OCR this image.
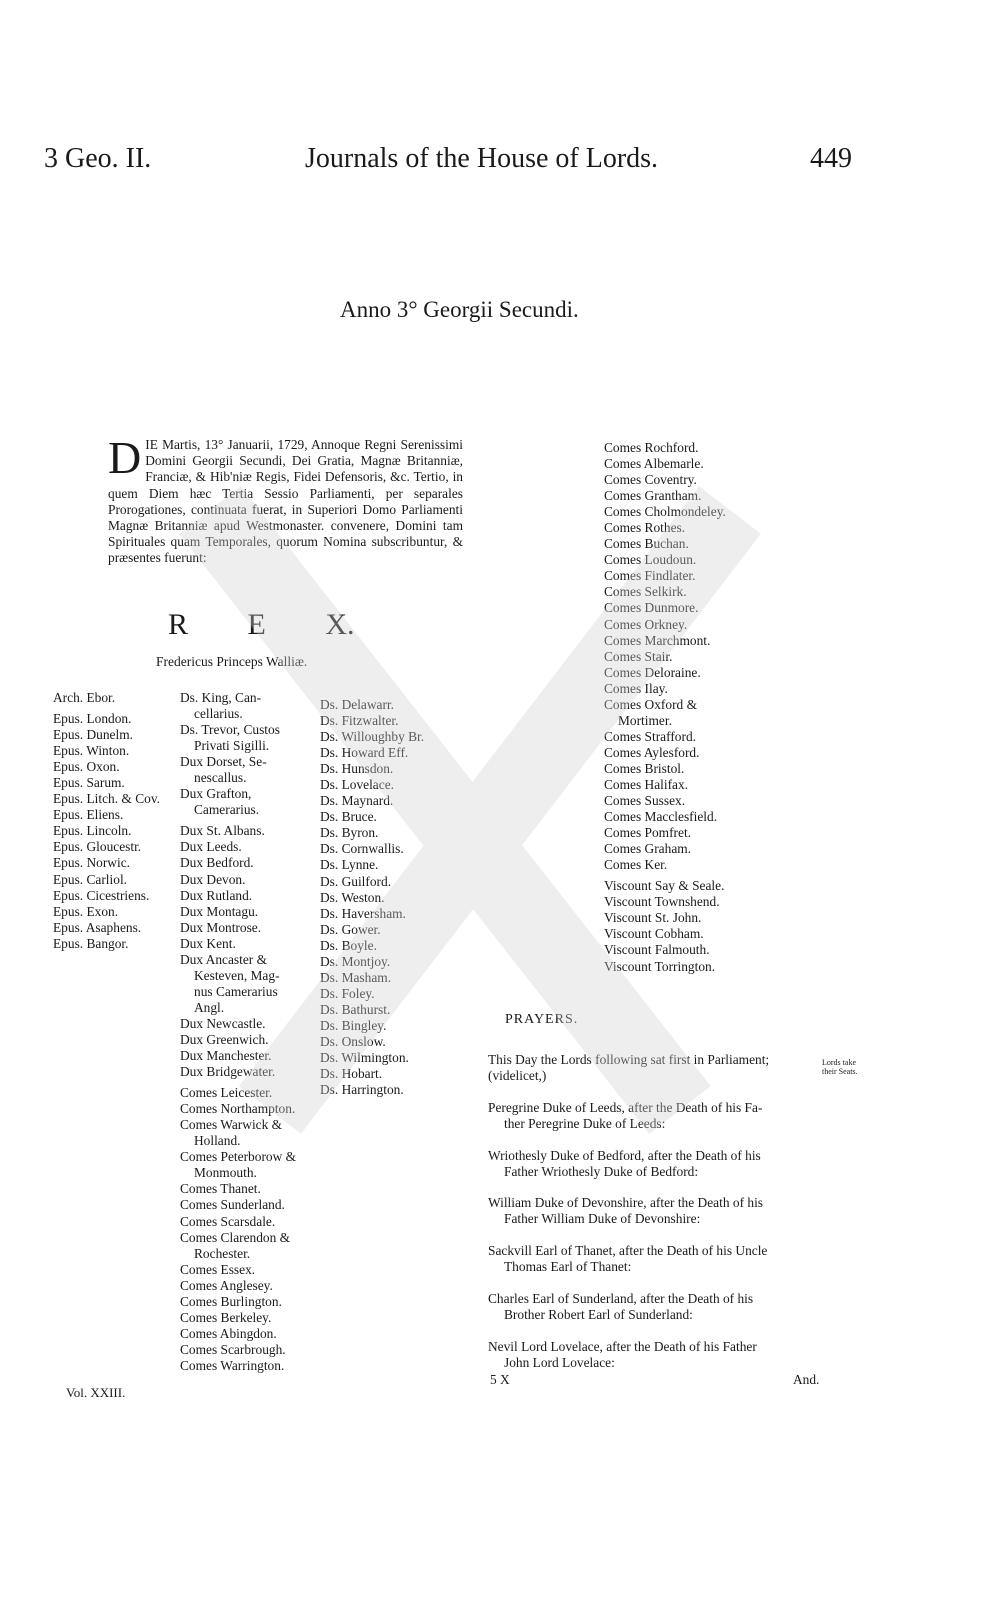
3 Geo. II.	Journals of the House of Lords.	449
Anno 3° Georgii Secundi.
D IE Martis, 13° Januarii, 1729, Annoque Regni Serenissimi Domini Georgii Secundi, Dei Gratia, Magnæ Britanniæ, Franciæ, & Hib'niæ Regis, Fidei Defensoris, &c. Tertio, in quem Diem hæc Tertia Sessio Parliamenti, per separales Prorogationes, continuata fuerat, in Superiori Domo Parliamenti Magnæ Britanniæ apud Westmonaster. convenere, Domini tam Spirituales quam Temporales, quorum Nomina subscribuntur, & præsentes fuerunt:
R E X.
Fredericus Princeps Walliæ.
Arch. Ebor.
Epus. London.
Epus. Dunelm.
Epus. Winton.
Epus. Oxon.
Epus. Sarum.
Epus. Litch. & Cov.
Epus. Eliens.
Epus. Lincoln.
Epus. Gloucestr.
Epus. Norwic.
Epus. Carliol.
Epus. Cicestriens.
Epus. Exon.
Epus. Asaphens.
Epus. Bangor.
Ds. King, Can-
cellarius.
Ds. Trevor, Custos
Privati Sigilli.
Dux Dorset, Se-
nescallus.
Dux Grafton,
Camerarius.
Dux St. Albans.
Dux Leeds.
Dux Bedford.
Dux Devon.
Dux Rutland.
Dux Montagu.
Dux Montrose.
Dux Kent.
Dux Ancaster &
Kesteven, Mag-
nus Camerarius
Angl.
Dux Newcastle.
Dux Greenwich.
Dux Manchester.
Dux Bridgewater.
Comes Leicester.
Comes Northampton.
Comes Warwick &
Holland.
Comes Peterborow &
Monmouth.
Comes Thanet.
Comes Sunderland.
Comes Scarsdale.
Comes Clarendon &
Rochester.
Comes Essex.
Comes Anglesey.
Comes Burlington.
Comes Berkeley.
Comes Abingdon.
Comes Scarbrough.
Comes Warrington.
Ds. Delawarr.
Ds. Fitzwalter.
Ds. Willoughby Br.
Ds. Howard Eff.
Ds. Hunsdon.
Ds. Lovelace.
Ds. Maynard.
Ds. Bruce.
Ds. Byron.
Ds. Cornwallis.
Ds. Lynne.
Ds. Guilford.
Ds. Weston.
Ds. Haversham.
Ds. Gower.
Ds. Boyle.
Ds. Montjoy.
Ds. Masham.
Ds. Foley.
Ds. Bathurst.
Ds. Bingley.
Ds. Onslow.
Ds. Wilmington.
Ds. Hobart.
Ds. Harrington.
Comes Rochford.
Comes Albemarle.
Comes Coventry.
Comes Grantham.
Comes Cholmondeley.
Comes Rothes.
Comes Buchan.
Comes Loudoun.
Comes Findlater.
Comes Selkirk.
Comes Dunmore.
Comes Orkney.
Comes Marchmont.
Comes Stair.
Comes Deloraine.
Comes Ilay.
Comes Oxford &
Mortimer.
Comes Strafford.
Comes Aylesford.
Comes Bristol.
Comes Halifax.
Comes Sussex.
Comes Macclesfield.
Comes Pomfret.
Comes Graham.
Comes Ker.
Viscount Say & Seale.
Viscount Townshend.
Viscount St. John.
Viscount Cobham.
Viscount Falmouth.
Viscount Torrington.
Vol. XXIII.
PRAYERS.
This Day the Lords following sat first in Parliament;
(videlicet,)
Lords take their Seats.
Peregrine Duke of Leeds, after the Death of his Fa-
ther Peregrine Duke of Leeds:
Wriothesly Duke of Bedford, after the Death of his
Father Wriothesly Duke of Bedford:
William Duke of Devonshire, after the Death of his
Father William Duke of Devonshire:
Sackvill Earl of Thanet, after the Death of his Uncle
Thomas Earl of Thanet:
Charles Earl of Sunderland, after the Death of his
Brother Robert Earl of Sunderland:
Nevil Lord Lovelace, after the Death of his Father
John Lord Lovelace:
5 X	And.
